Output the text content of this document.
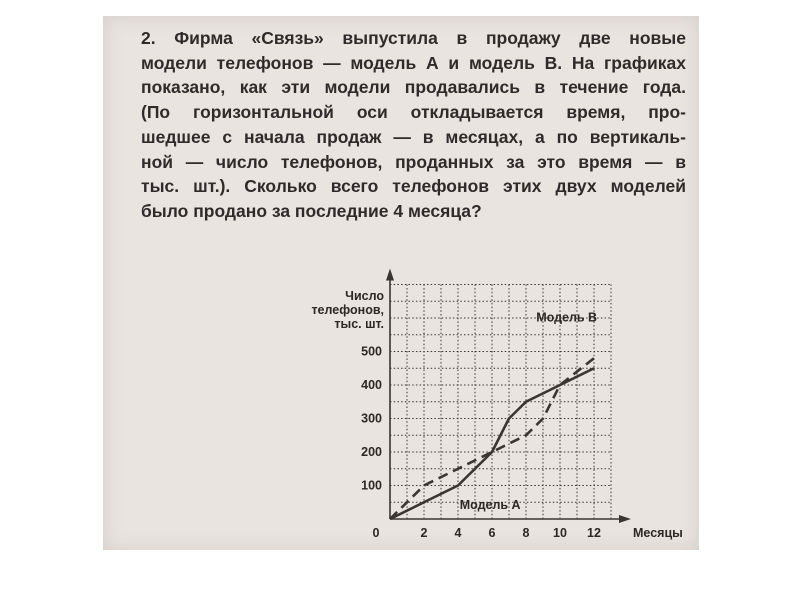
2. Фирма «Связь» выпустила в продажу две новые
модели телефонов — модель А и модель В. На графиках
показано, как эти модели продавались в течение года.
(По горизонтальной оси откладывается время, про-
шедшее с начала продаж — в месяцах, а по вертикаль-
ной — число телефонов, проданных за это время — в
тыс. шт.). Сколько всего телефонов этих двух моделей
было продано за последние 4 месяца?
0	2 4 6 8 10 12
100
200
300
400
500
Модель А
Модель В
Число
телефонов,
тыс. шт.
Месяцы
